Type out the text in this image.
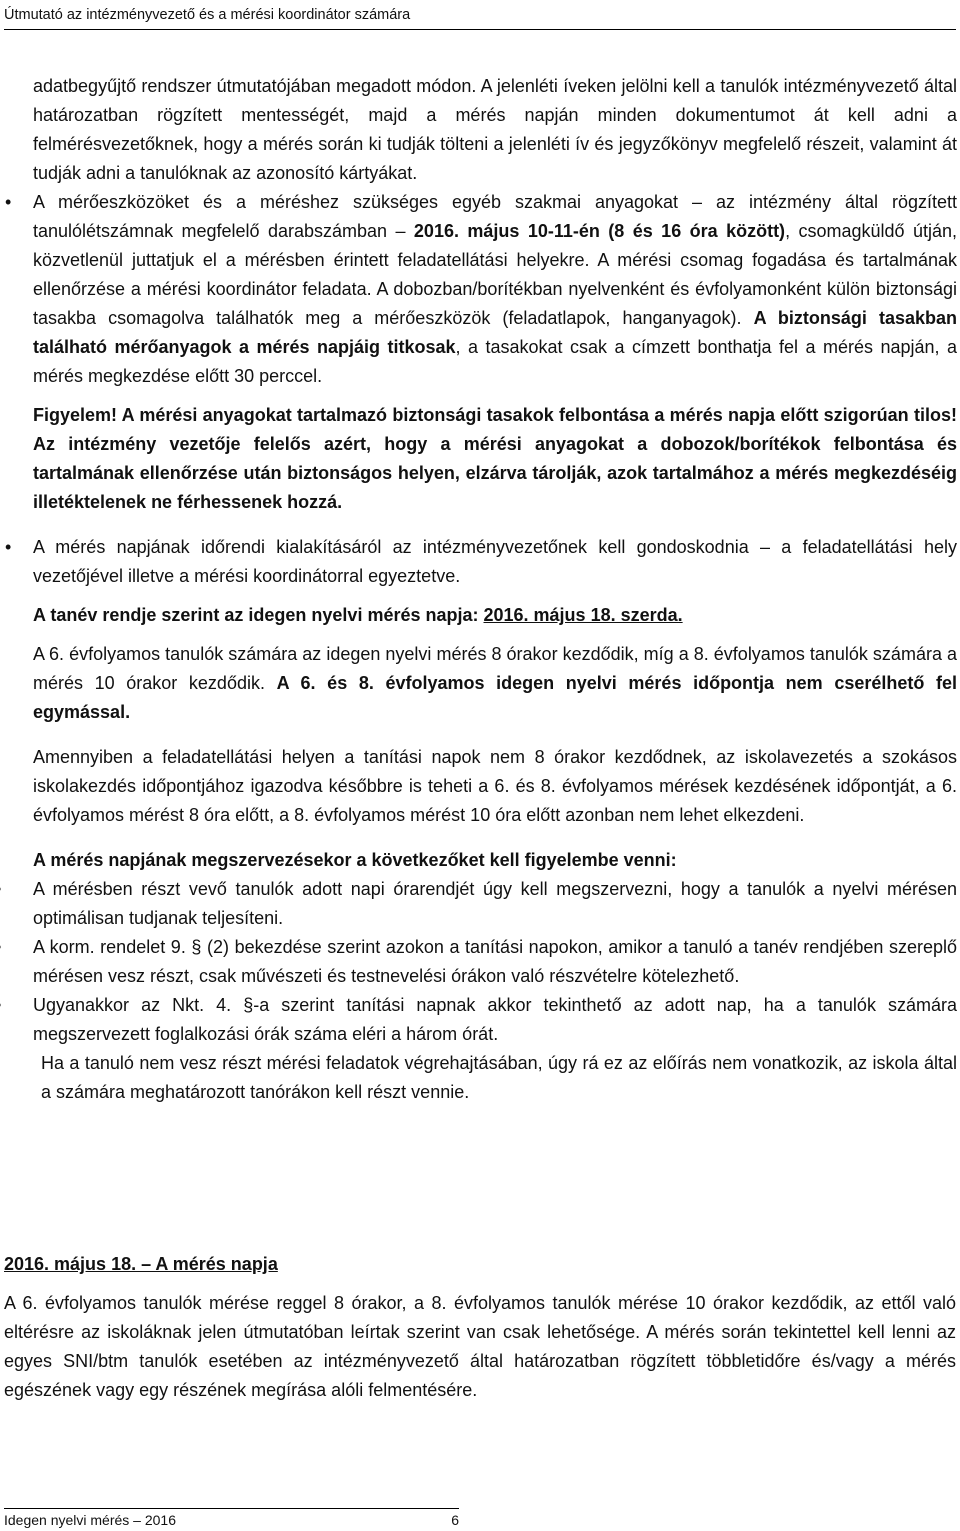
Útmutató az intézményvezető és a mérési koordinátor számára

adatbegyűjtő rendszer útmutatójában megadott módon. A jelenléti íveken jelölni kell a tanulók intézményvezető által határozatban rögzített mentességét, majd a mérés napján minden dokumentumot át kell adni a felmérésvezetőknek, hogy a mérés során ki tudják tölteni a jelenléti ív és jegyzőkönyv megfelelő részeit, valamint át tudják adni a tanulóknak az azonosító kártyákat.

• A mérőeszközöket és a méréshez szükséges egyéb szakmai anyagokat – az intézmény által rögzített tanulólétszámnak megfelelő darabszámban – 2016. május 10-11-én (8 és 16 óra között), csomagküldő útján, közvetlenül juttatjuk el a mérésben érintett feladatellátási helyekre. A mérési csomag fogadása és tartalmának ellenőrzése a mérési koordinátor feladata. A dobozban/borítékban nyelvenként és évfolyamonként külön biztonsági tasakba csomagolva találhatók meg a mérőeszközök (feladatlapok, hanganyagok). A biztonsági tasakban található mérőanyagok a mérés napjáig titkosak, a tasakokat csak a címzett bonthatja fel a mérés napján, a mérés megkezdése előtt 30 perccel.

Figyelem! A mérési anyagokat tartalmazó biztonsági tasakok felbontása a mérés napja előtt szigorúan tilos! Az intézmény vezetője felelős azért, hogy a mérési anyagokat a dobozok/borítékok felbontása és tartalmának ellenőrzése után biztonságos helyen, elzárva tárolják, azok tartalmához a mérés megkezdéséig illetéktelenek ne férhessenek hozzá.

• A mérés napjának időrendi kialakításáról az intézményvezetőnek kell gondoskodnia – a feladatellátási hely vezetőjével illetve a mérési koordinátorral egyeztetve.

A tanév rendje szerint az idegen nyelvi mérés napja: 2016. május 18. szerda.

A 6. évfolyamos tanulók számára az idegen nyelvi mérés 8 órakor kezdődik, míg a 8. évfolyamos tanulók számára a mérés 10 órakor kezdődik. A 6. és 8. évfolyamos idegen nyelvi mérés időpontja nem cserélhető fel egymással.

Amennyiben a feladatellátási helyen a tanítási napok nem 8 órakor kezdődnek, az iskolavezetés a szokásos iskolakezdés időpontjához igazodva későbbre is teheti a 6. és 8. évfolyamos mérések kezdésének időpontját, a 6. évfolyamos mérést 8 óra előtt, a 8. évfolyamos mérést 10 óra előtt azonban nem lehet elkezdeni.

A mérés napjának megszervezésekor a következőket kell figyelembe venni:

• A mérésben részt vevő tanulók adott napi órarendjét úgy kell megszervezni, hogy a tanulók a nyelvi mérésen optimálisan tudjanak teljesíteni.

• A korm. rendelet 9. § (2) bekezdése szerint azokon a tanítási napokon, amikor a tanuló a tanév rendjében szereplő mérésen vesz részt, csak művészeti és testnevelési órákon való részvételre kötelezhető.

• Ugyanakkor az Nkt. 4. §-a szerint tanítási napnak akkor tekinthető az adott nap, ha a tanulók számára megszervezett foglalkozási órák száma eléri a három órát.

Ha a tanuló nem vesz részt mérési feladatok végrehajtásában, úgy rá ez az előírás nem vonatkozik, az iskola által a számára meghatározott tanórákon kell részt vennie.

2016. május 18. – A mérés napja

A 6. évfolyamos tanulók mérése reggel 8 órakor, a 8. évfolyamos tanulók mérése 10 órakor kezdődik, az ettől való eltérésre az iskoláknak jelen útmutatóban leírtak szerint van csak lehetősége. A mérés során tekintettel kell lenni az egyes SNI/btm tanulók esetében az intézményvezető által határozatban rögzített többletidőre és/vagy a mérés egészének vagy egy részének megírása alóli felmentésére.

Idegen nyelvi mérés – 2016	6
